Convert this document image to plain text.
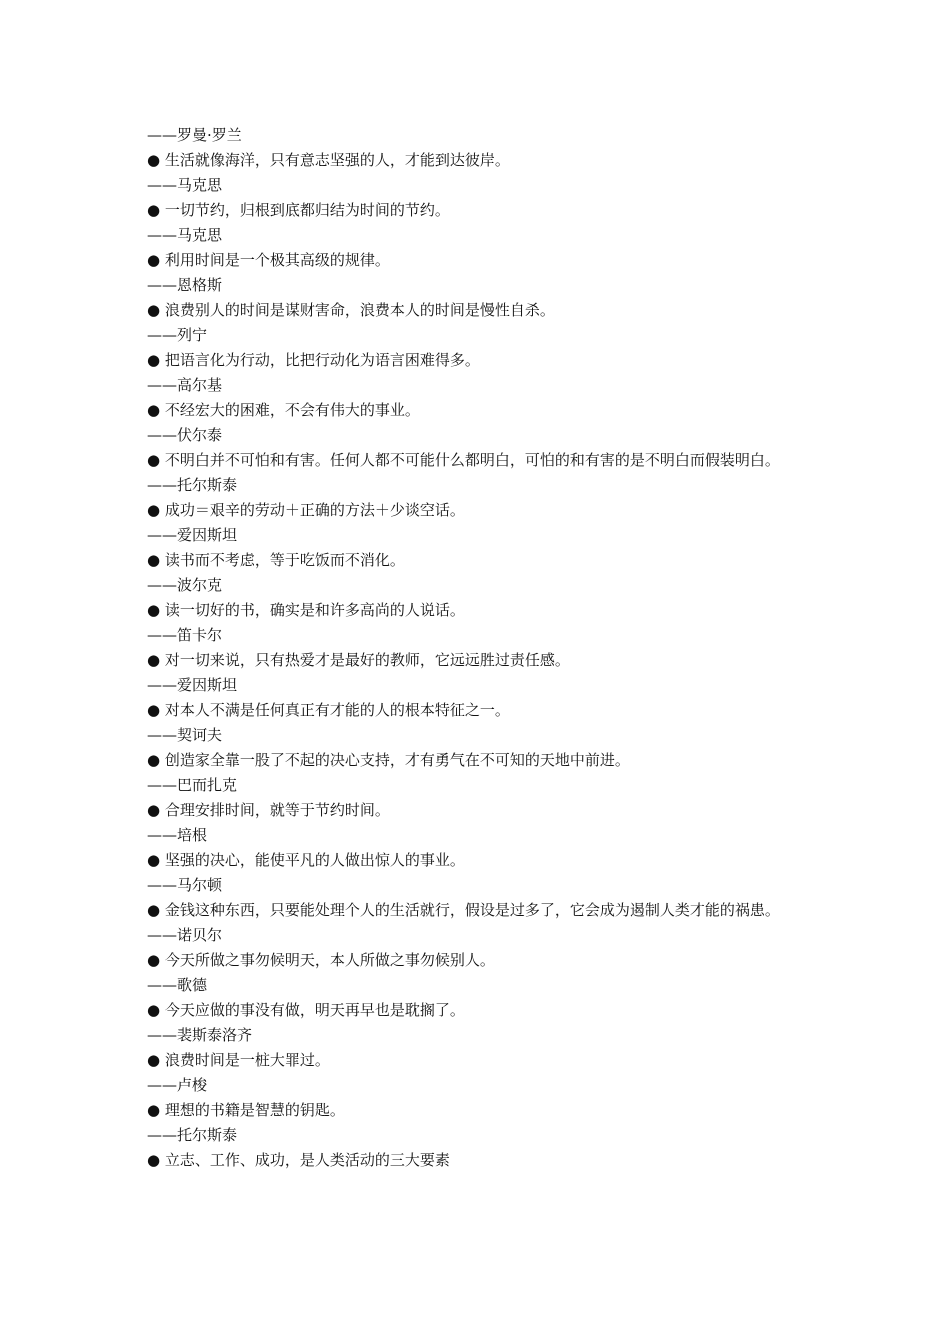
——罗曼·罗兰
● 生活就像海洋，只有意志坚强的人，才能到达彼岸。
——马克思
● 一切节约，归根到底都归结为时间的节约。
——马克思
● 利用时间是一个极其高级的规律。
——恩格斯
● 浪费别人的时间是谋财害命，浪费本人的时间是慢性自杀。
——列宁
● 把语言化为行动，比把行动化为语言困难得多。
——高尔基
● 不经宏大的困难，不会有伟大的事业。
——伏尔泰
● 不明白并不可怕和有害。任何人都不可能什么都明白，可怕的和有害的是不明白而假装明白。
——托尔斯泰
● 成功＝艰辛的劳动＋正确的方法＋少谈空话。
——爱因斯坦
● 读书而不考虑，等于吃饭而不消化。
——波尔克
● 读一切好的书，确实是和许多高尚的人说话。
——笛卡尔
● 对一切来说，只有热爱才是最好的教师，它远远胜过责任感。
——爱因斯坦
● 对本人不满是任何真正有才能的人的根本特征之一。
——契诃夫
● 创造家全靠一股了不起的决心支持，才有勇气在不可知的天地中前进。
——巴而扎克
● 合理安排时间，就等于节约时间。
——培根
● 坚强的决心，能使平凡的人做出惊人的事业。
——马尔顿
● 金钱这种东西，只要能处理个人的生活就行，假设是过多了，它会成为遏制人类才能的祸患。
——诺贝尔
● 今天所做之事勿候明天，本人所做之事勿候别人。
——歌德
● 今天应做的事没有做，明天再早也是耽搁了。
——裴斯泰洛齐
● 浪费时间是一桩大罪过。
——卢梭
● 理想的书籍是智慧的钥匙。
——托尔斯泰
● 立志、工作、成功，是人类活动的三大要素
